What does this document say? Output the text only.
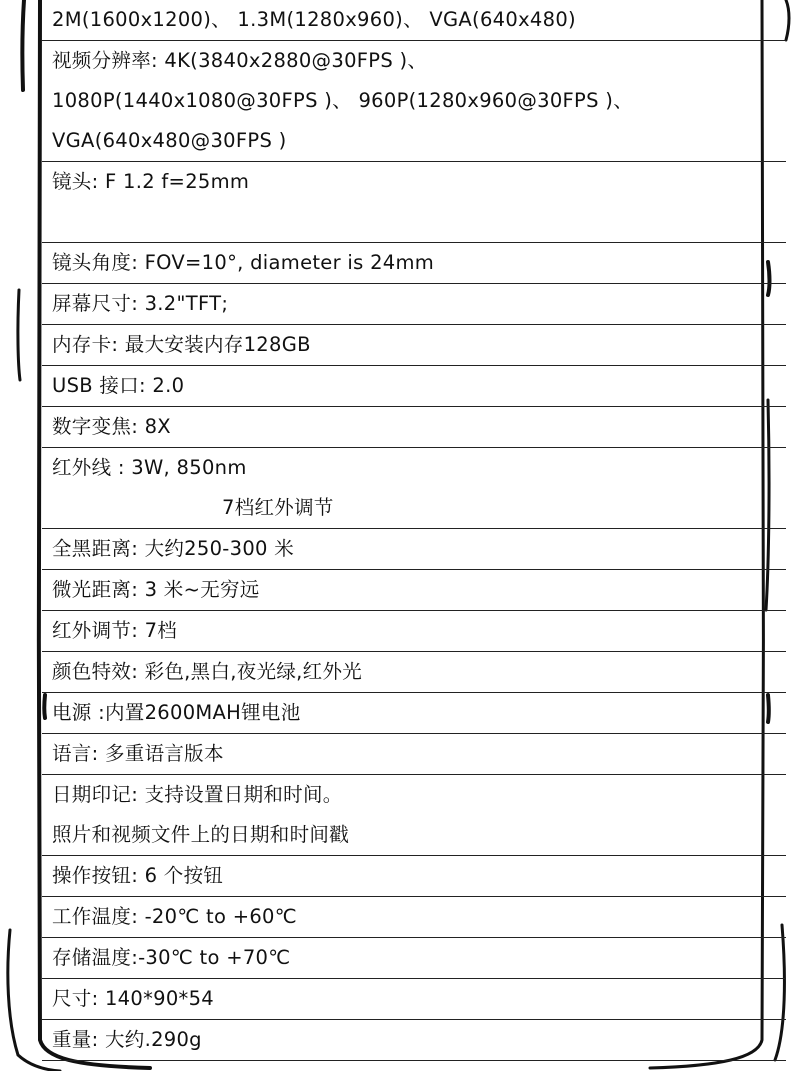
2M(1600x1200)、 1.3M(1280x960)、 VGA(640x480)
视频分辨率: 4K(3840x2880@30FPS )、
1080P(1440x1080@30FPS )、 960P(1280x960@30FPS )、
VGA(640x480@30FPS )
镜头: F 1.2 f=25mm
镜头角度: FOV=10°, diameter is 24mm
屏幕尺寸: 3.2"TFT;
内存卡: 最大安装内存128GB
USB 接口: 2.0
数字变焦: 8X
红外线 : 3W, 850nm
7档红外调节
全黑距离: 大约250-300 米
微光距离: 3 米~无穷远
红外调节: 7档
颜色特效: 彩色,黑白,夜光绿,红外光
电源 :内置2600MAH锂电池
语言: 多重语言版本
日期印记: 支持设置日期和时间。
照片和视频文件上的日期和时间戳
操作按钮: 6 个按钮
工作温度: -20℃ to +60℃
存储温度:-30℃ to +70℃
尺寸: 140*90*54
重量: 大约.290g
